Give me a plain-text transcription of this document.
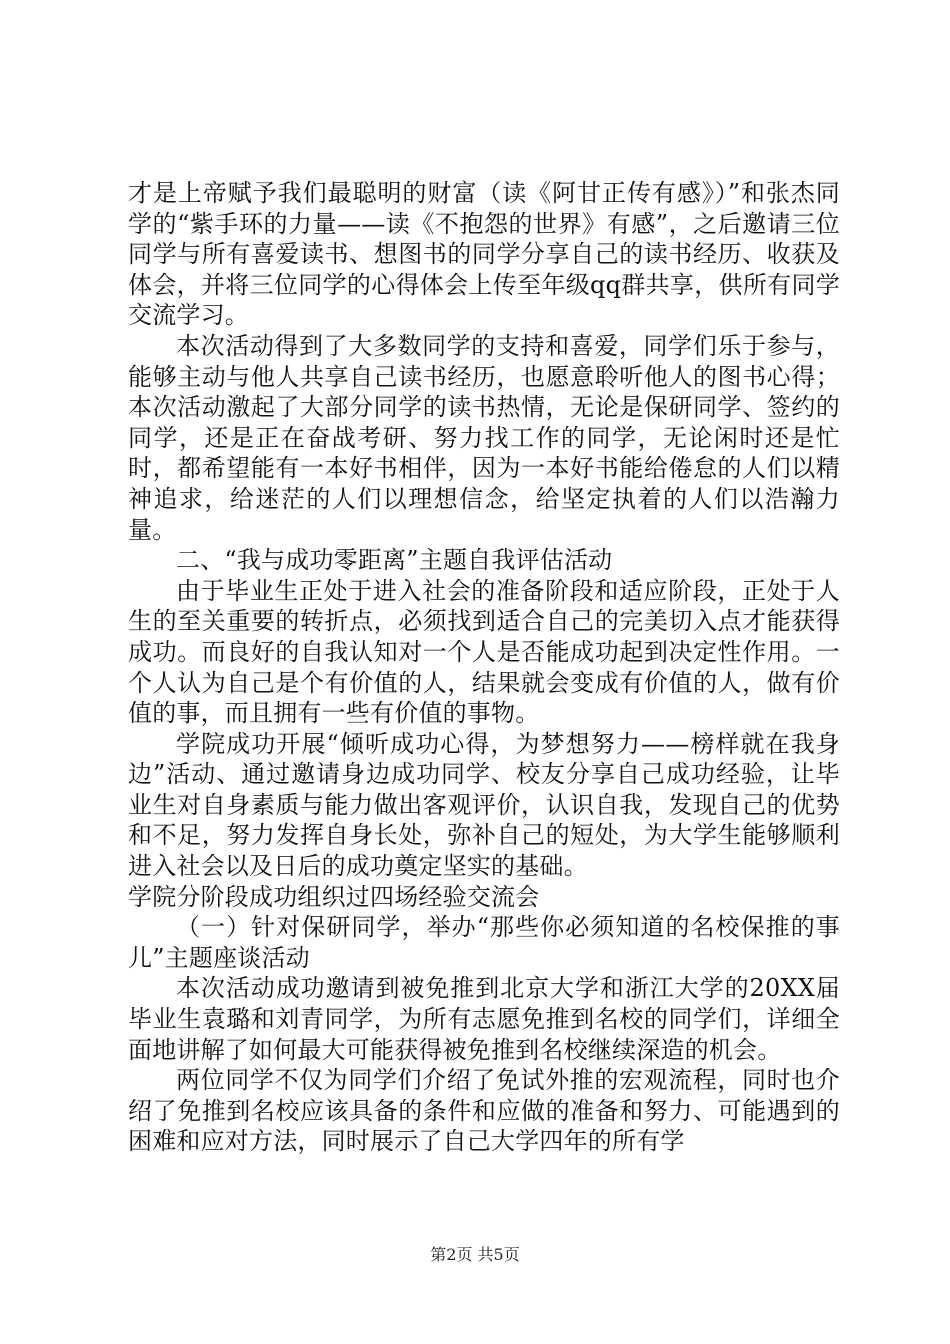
才是上帝赋予我们最聪明的财富（读《阿甘正传有感》）”和张杰同学的“紫手环的力量——读《不抱怨的世界》有感”，之后邀请三位同学与所有喜爱读书、想图书的同学分享自己的读书经历、收获及体会，并将三位同学的心得体会上传至年级qq群共享，供所有同学交流学习。

本次活动得到了大多数同学的支持和喜爱，同学们乐于参与，能够主动与他人共享自己读书经历，也愿意聆听他人的图书心得；本次活动激起了大部分同学的读书热情，无论是保研同学、签约的同学，还是正在奋战考研、努力找工作的同学，无论闲时还是忙时，都希望能有一本好书相伴，因为一本好书能给倦怠的人们以精神追求，给迷茫的人们以理想信念，给坚定执着的人们以浩瀚力量。

二、“我与成功零距离”主题自我评估活动

由于毕业生正处于进入社会的准备阶段和适应阶段，正处于人生的至关重要的转折点，必须找到适合自己的完美切入点才能获得成功。而良好的自我认知对一个人是否能成功起到决定性作用。一个人认为自己是个有价值的人，结果就会变成有价值的人，做有价值的事，而且拥有一些有价值的事物。

学院成功开展“倾听成功心得，为梦想努力——榜样就在我身边”活动、通过邀请身边成功同学、校友分享自己成功经验，让毕业生对自身素质与能力做出客观评价，认识自我，发现自己的优势和不足，努力发挥自身长处，弥补自己的短处，为大学生能够顺利进入社会以及日后的成功奠定坚实的基础。

学院分阶段成功组织过四场经验交流会

（一）针对保研同学，举办“那些你必须知道的名校保推的事儿”主题座谈活动

本次活动成功邀请到被免推到北京大学和浙江大学的20XX届毕业生袁璐和刘青同学，为所有志愿免推到名校的同学们，详细全面地讲解了如何最大可能获得被免推到名校继续深造的机会。

两位同学不仅为同学们介绍了免试外推的宏观流程，同时也介绍了免推到名校应该具备的条件和应做的准备和努力、可能遇到的困难和应对方法，同时展示了自己大学四年的所有学

第2页 共5页
